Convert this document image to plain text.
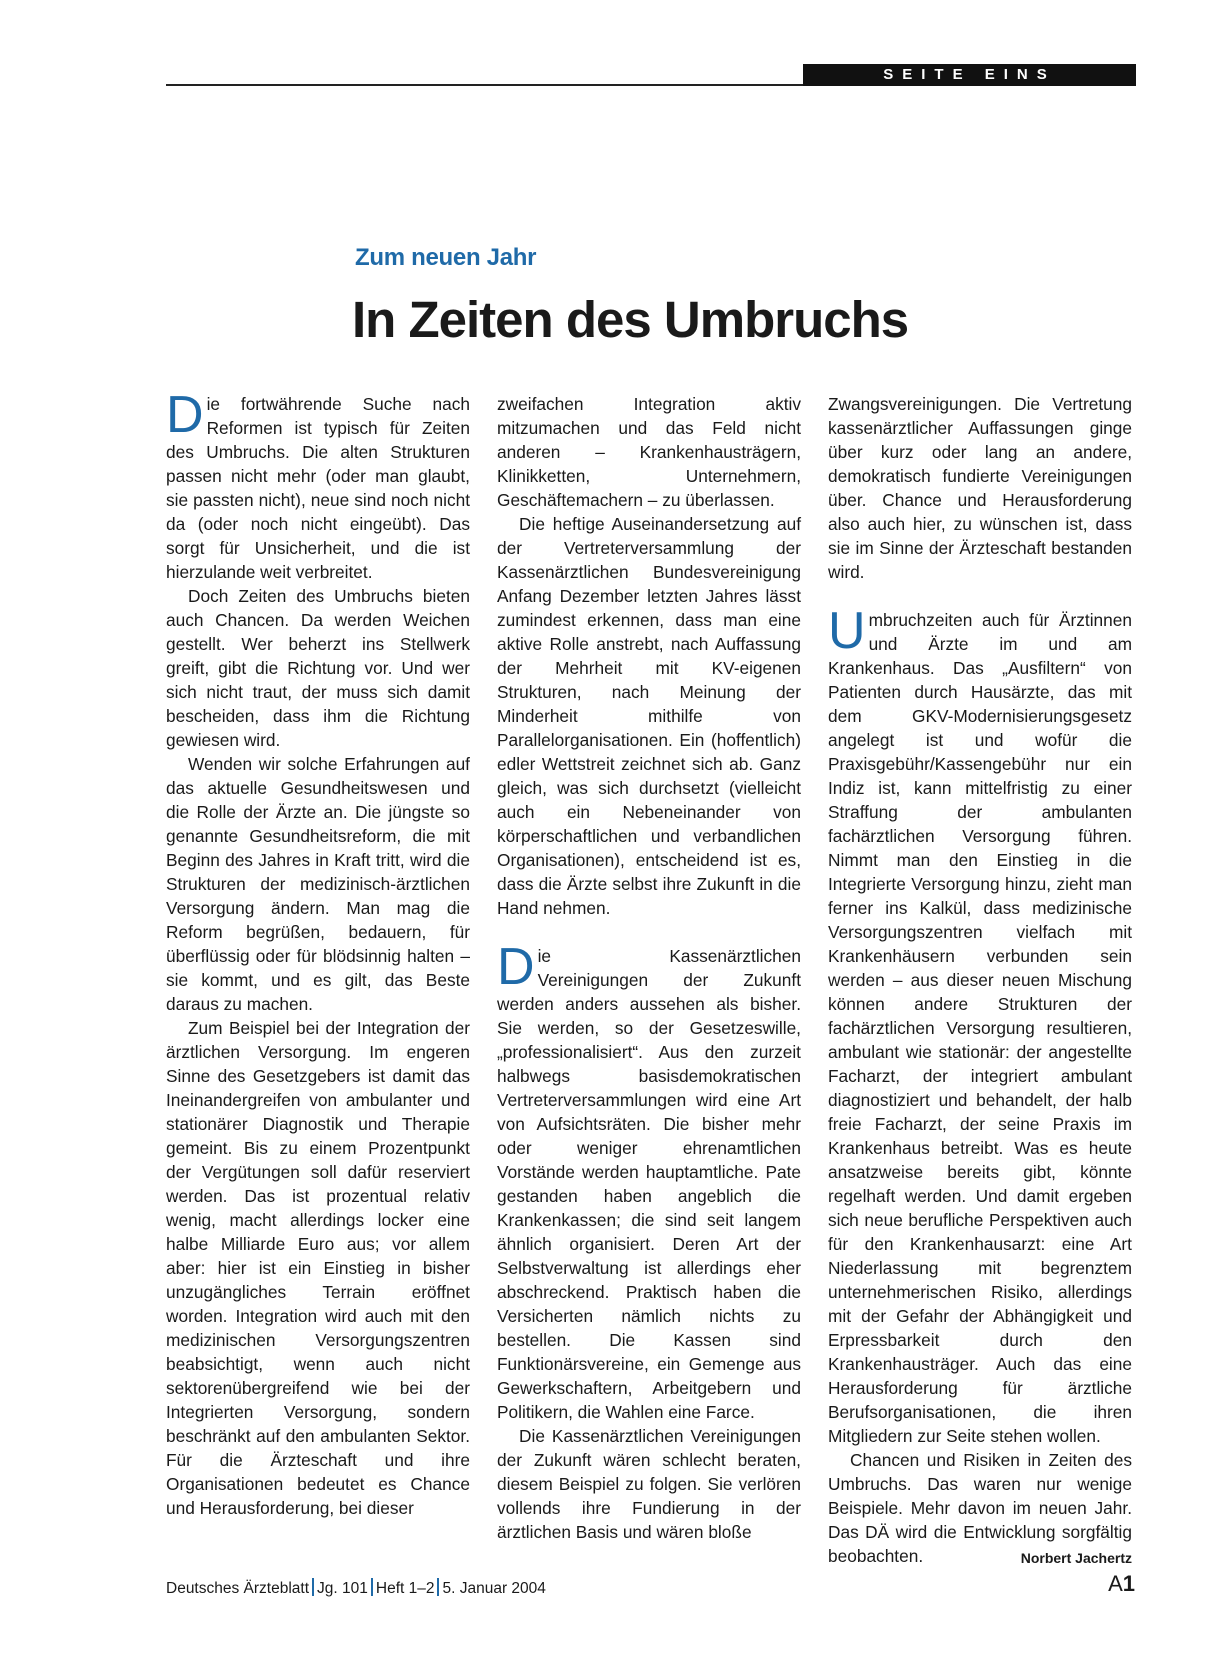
SEITE EINS
Zum neuen Jahr
In Zeiten des Umbruchs

Die fortwährende Suche nach Reformen ist typisch für Zeiten des Umbruchs. Die alten Strukturen passen nicht mehr (oder man glaubt, sie passten nicht), neue sind noch nicht da (oder noch nicht eingeübt). Das sorgt für Unsicherheit, und die ist hierzulande weit verbreitet.

Doch Zeiten des Umbruchs bieten auch Chancen. Da werden Weichen gestellt. Wer beherzt ins Stellwerk greift, gibt die Richtung vor. Und wer sich nicht traut, der muss sich damit bescheiden, dass ihm die Richtung gewiesen wird.

Wenden wir solche Erfahrungen auf das aktuelle Gesundheitswesen und die Rolle der Ärzte an. Die jüngste so genannte Gesundheitsreform, die mit Beginn des Jahres in Kraft tritt, wird die Strukturen der medizinisch-ärztlichen Versorgung ändern. Man mag die Reform begrüßen, bedauern, für überflüssig oder für blödsinnig halten – sie kommt, und es gilt, das Beste daraus zu machen.

Zum Beispiel bei der Integration der ärztlichen Versorgung. Im engeren Sinne des Gesetzgebers ist damit das Ineinandergreifen von ambulanter und stationärer Diagnostik und Therapie gemeint. Bis zu einem Prozentpunkt der Vergütungen soll dafür reserviert werden. Das ist prozentual relativ wenig, macht allerdings locker eine halbe Milliarde Euro aus; vor allem aber: hier ist ein Einstieg in bisher unzugängliches Terrain eröffnet worden. Integration wird auch mit den medizinischen Versorgungszentren beabsichtigt, wenn auch nicht sektorenübergreifend wie bei der Integrierten Versorgung, sondern beschränkt auf den ambulanten Sektor. Für die Ärzteschaft und ihre Organisationen bedeutet es Chance und Herausforderung, bei dieser

zweifachen Integration aktiv mitzumachen und das Feld nicht anderen – Krankenhausträgern, Klinikketten, Unternehmern, Geschäftemachern – zu überlassen.

Die heftige Auseinandersetzung auf der Vertreterversammlung der Kassenärztlichen Bundesvereinigung Anfang Dezember letzten Jahres lässt zumindest erkennen, dass man eine aktive Rolle anstrebt, nach Auffassung der Mehrheit mit KV-eigenen Strukturen, nach Meinung der Minderheit mithilfe von Parallelorganisationen. Ein (hoffentlich) edler Wettstreit zeichnet sich ab. Ganz gleich, was sich durchsetzt (vielleicht auch ein Nebeneinander von körperschaftlichen und verbandlichen Organisationen), entscheidend ist es, dass die Ärzte selbst ihre Zukunft in die Hand nehmen.

Die Kassenärztlichen Vereinigungen der Zukunft werden anders aussehen als bisher. Sie werden, so der Gesetzeswille, „professionalisiert“. Aus den zurzeit halbwegs basisdemokratischen Vertreterversammlungen wird eine Art von Aufsichtsräten. Die bisher mehr oder weniger ehrenamtlichen Vorstände werden hauptamtliche. Pate gestanden haben angeblich die Krankenkassen; die sind seit langem ähnlich organisiert. Deren Art der Selbstverwaltung ist allerdings eher abschreckend. Praktisch haben die Versicherten nämlich nichts zu bestellen. Die Kassen sind Funktionärsvereine, ein Gemenge aus Gewerkschaftern, Arbeitgebern und Politikern, die Wahlen eine Farce.

Die Kassenärztlichen Vereinigungen der Zukunft wären schlecht beraten, diesem Beispiel zu folgen. Sie verlören vollends ihre Fundierung in der ärztlichen Basis und wären bloße

Zwangsvereinigungen. Die Vertretung kassenärztlicher Auffassungen ginge über kurz oder lang an andere, demokratisch fundierte Vereinigungen über. Chance und Herausforderung also auch hier, zu wünschen ist, dass sie im Sinne der Ärzteschaft bestanden wird.

Umbruchzeiten auch für Ärztinnen und Ärzte im und am Krankenhaus. Das „Ausfiltern“ von Patienten durch Hausärzte, das mit dem GKV-Modernisierungsgesetz angelegt ist und wofür die Praxisgebühr/Kassengebühr nur ein Indiz ist, kann mittelfristig zu einer Straffung der ambulanten fachärztlichen Versorgung führen. Nimmt man den Einstieg in die Integrierte Versorgung hinzu, zieht man ferner ins Kalkül, dass medizinische Versorgungszentren vielfach mit Krankenhäusern verbunden sein werden – aus dieser neuen Mischung können andere Strukturen der fachärztlichen Versorgung resultieren, ambulant wie stationär: der angestellte Facharzt, der integriert ambulant diagnostiziert und behandelt, der halb freie Facharzt, der seine Praxis im Krankenhaus betreibt. Was es heute ansatzweise bereits gibt, könnte regelhaft werden. Und damit ergeben sich neue berufliche Perspektiven auch für den Krankenhausarzt: eine Art Niederlassung mit begrenztem unternehmerischen Risiko, allerdings mit der Gefahr der Abhängigkeit und Erpressbarkeit durch den Krankenhausträger. Auch das eine Herausforderung für ärztliche Berufsorganisationen, die ihren Mitgliedern zur Seite stehen wollen.

Chancen und Risiken in Zeiten des Umbruchs. Das waren nur wenige Beispiele. Mehr davon im neuen Jahr. Das DÄ wird die Entwicklung sorgfältig beobachten.	Norbert Jachertz

Deutsches Ärzteblatt Jg. 101 Heft 1–2 5. Januar 2004	A1
